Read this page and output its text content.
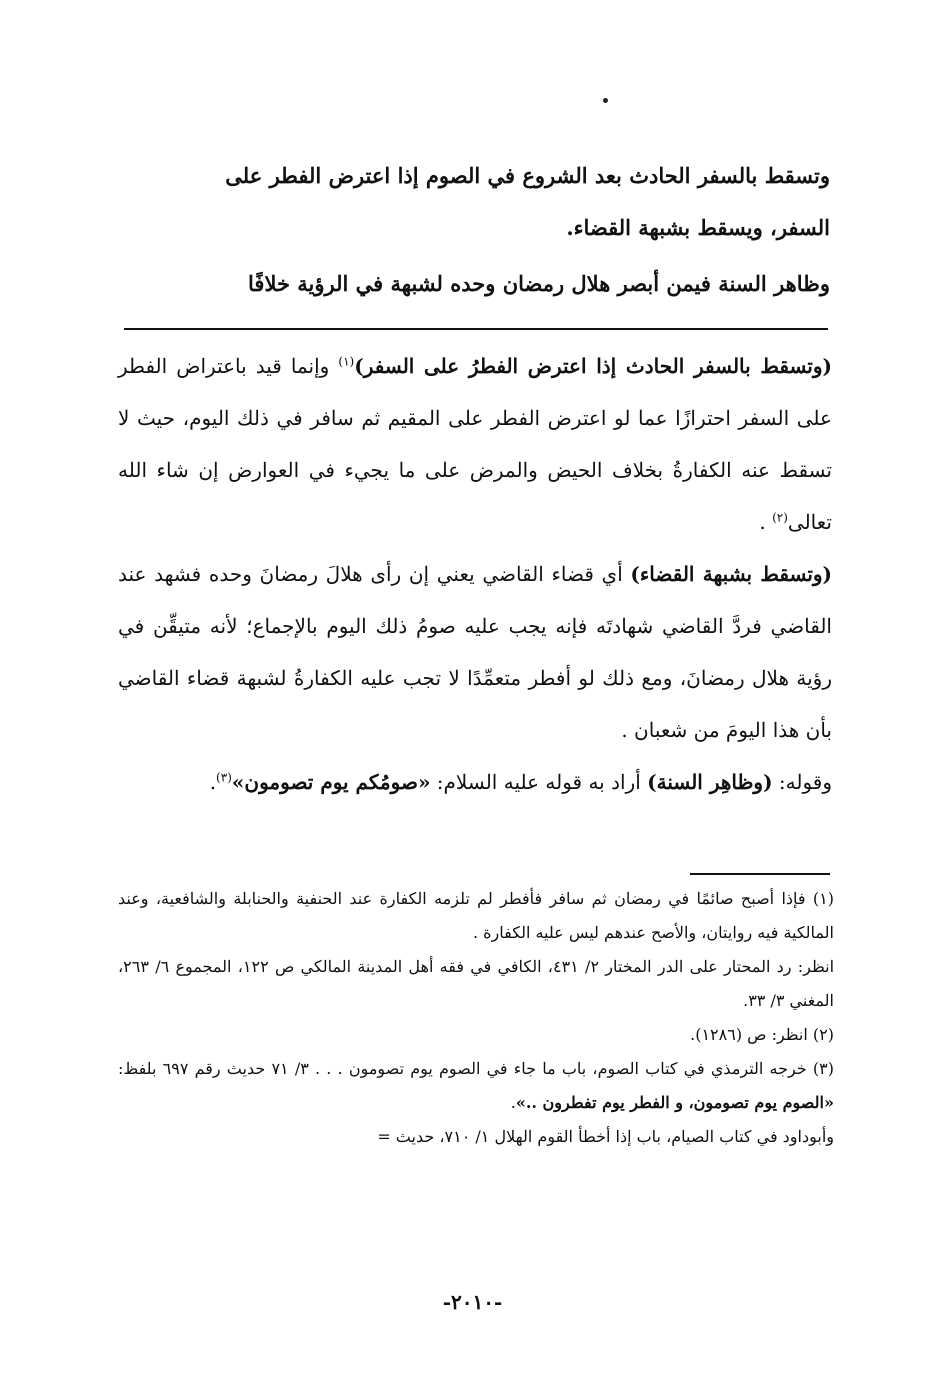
وتسقط بالسفر الحادث بعد الشروع في الصوم إذا اعترض الفطر على

السفر، ويسقط بشبهة القضاء.

وظاهر السنة فيمن أبصر هلال رمضان وحده لشبهة في الرؤية خلافًا

(وتسقط بالسفر الحادث إذا اعترض الفطرُ على السفر)$^{(١)}$ وإنما قيد باعتراض الفطر على السفر احترازًا عما لو اعترض الفطر على المقيم ثم سافر في ذلك اليوم، حيث لا تسقط عنه الكفارةُ بخلاف الحيض والمرض على ما يجيء في العوارض إن شاء الله تعالى$^{(٢)}$ .

(وتسقط بشبهة القضاء) أي قضاء القاضي يعني إن رأى هلالَ رمضانَ وحده فشهد عند القاضي فردَّ القاضي شهادتَه فإنه يجب عليه صومُ ذلك اليوم بالإجماع؛ لأنه متيقِّن في رؤية هلال رمضانَ، ومع ذلك لو أفطر متعمِّدًا لا تجب عليه الكفارةُ لشبهة قضاء القاضي بأن هذا اليومَ من شعبان .

وقوله: (وظاهِر السنة) أراد به قوله عليه السلام: «صومُكم يوم تصومون»$^{(٣)}$.

(١) فإذا أصبح صائمًا في رمضان ثم سافر فأفطر لم تلزمه الكفارة عند الحنفية والحنابلة والشافعية، وعند المالكية فيه روايتان، والأصح عندهم ليس عليه الكفارة .

انظر: رد المحتار على الدر المختار ٢/ ٤٣١، الكافي في فقه أهل المدينة المالكي ص ١٢٢، المجموع ٦/ ٢٦٣، المغني ٣/ ٣٣.

(٢) انظر: ص (١٢٨٦).

(٣) خرجه الترمذي في كتاب الصوم، باب ما جاء في الصوم يوم تصومون . . . ٣/ ٧١ حديث رقم ٦٩٧ بلفظ: «الصوم يوم تصومون، و الفطر يوم تفطرون ..».

وأبوداود في كتاب الصيام، باب إذا أخطأ القوم الهلال ١/ ٧١٠، حديث =

-٢٠١٠-
